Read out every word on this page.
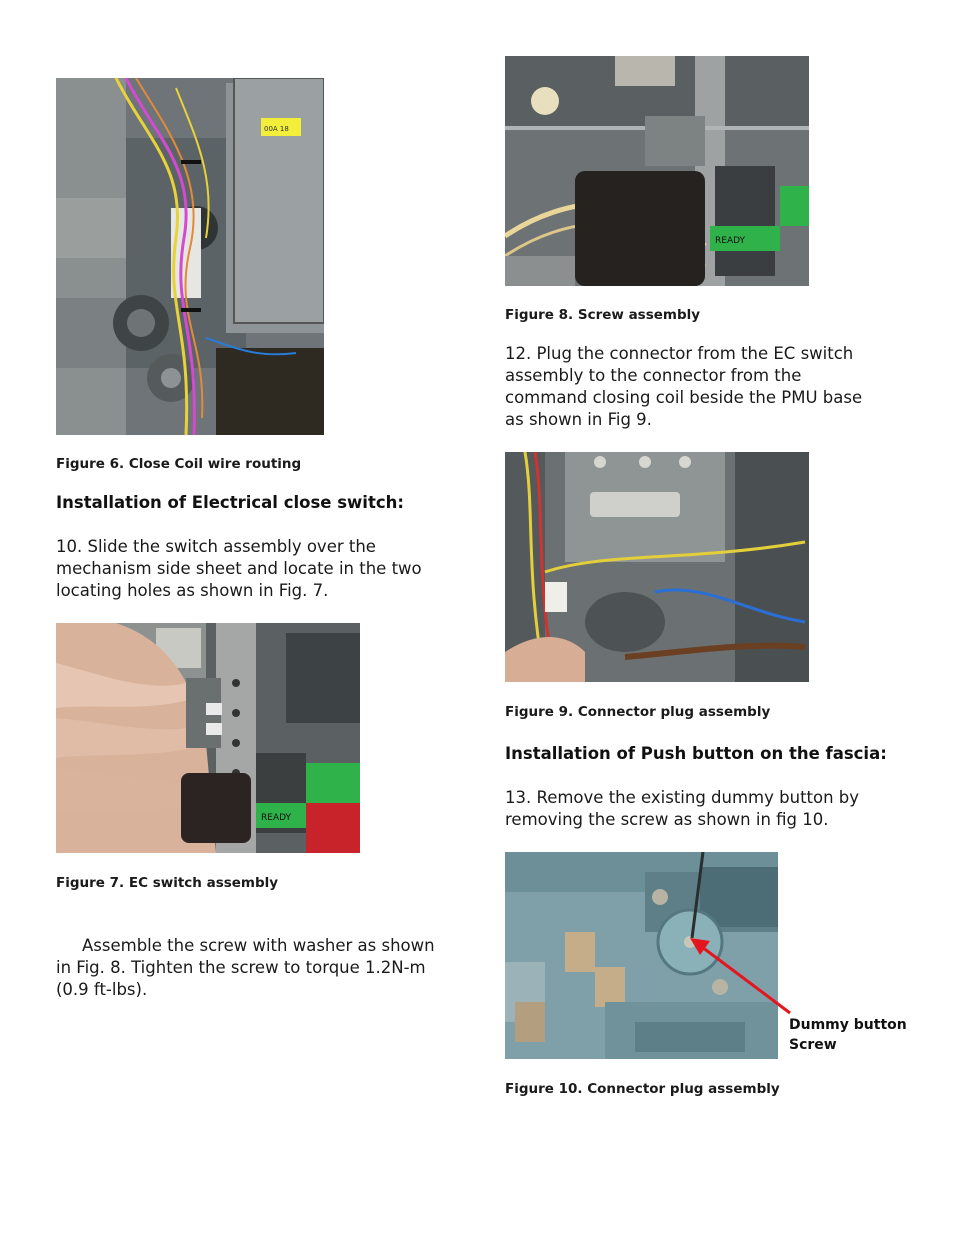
00A 18
Figure 6. Close Coil wire routing
Installation of Electrical close switch:
10. Slide the switch assembly over the mechanism side sheet and locate in the two locating holes as shown in Fig. 7.
READY
Figure 7. EC switch assembly
Assemble the screw with washer as shown in Fig. 8. Tighten the screw to torque 1.2N-m (0.9 ft-lbs).
READY
Figure 8. Screw assembly
12. Plug the connector from the EC switch assembly to the connector from the command closing coil beside the PMU base as shown in Fig 9.
Figure 9. Connector plug assembly
Installation of Push button on the fascia:
13. Remove the existing dummy button by removing the screw as shown in fig 10.
Dummy button
Screw
Figure 10. Connector plug assembly
